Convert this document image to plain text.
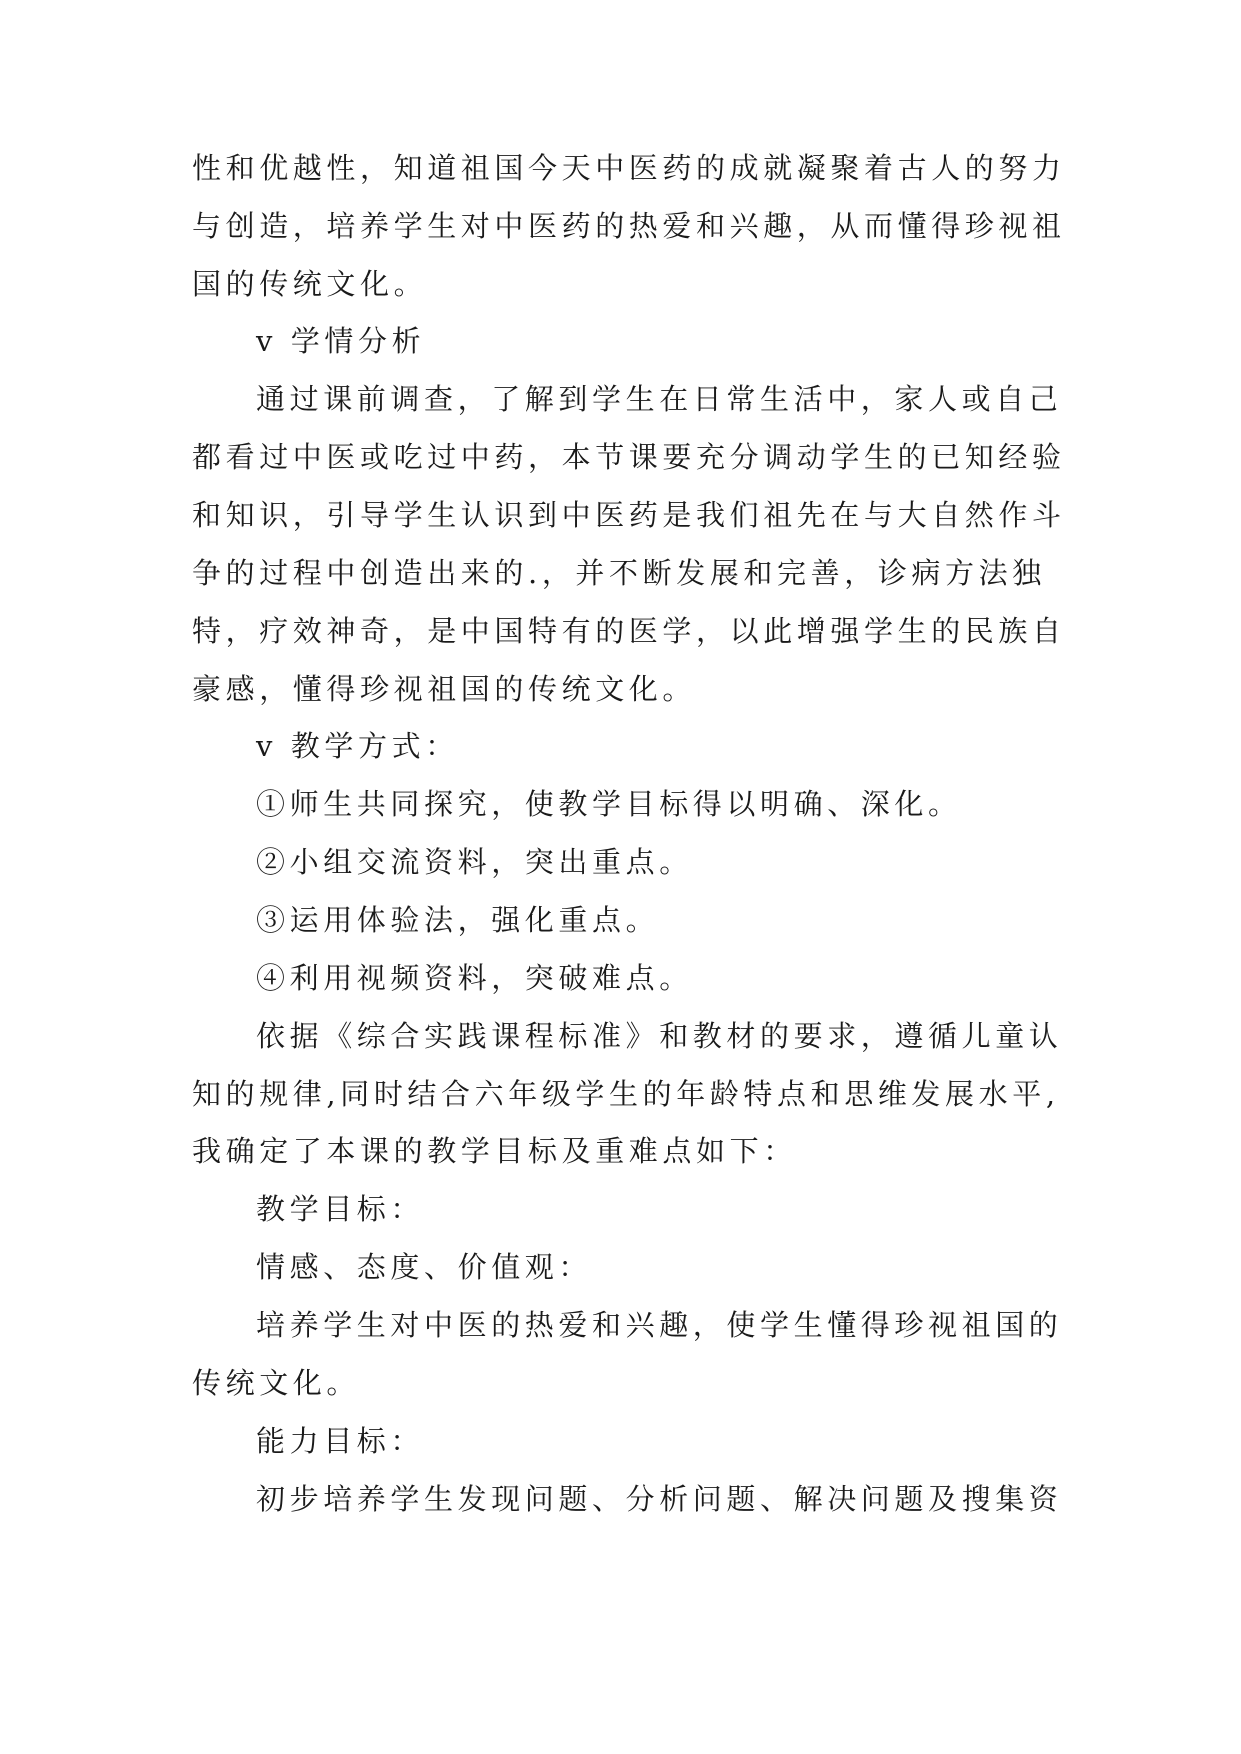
性和优越性，知道祖国今天中医药的成就凝聚着古人的努力
与创造，培养学生对中医药的热爱和兴趣，从而懂得珍视祖
国的传统文化。
v 学情分析
通过课前调查，了解到学生在日常生活中，家人或自己
都看过中医或吃过中药，本节课要充分调动学生的已知经验
和知识，引导学生认识到中医药是我们祖先在与大自然作斗
争的过程中创造出来的.，并不断发展和完善，诊病方法独
特，疗效神奇，是中国特有的医学，以此增强学生的民族自
豪感，懂得珍视祖国的传统文化。
v 教学方式：
①师生共同探究，使教学目标得以明确、深化。
②小组交流资料，突出重点。
③运用体验法，强化重点。
④利用视频资料，突破难点。
依据《综合实践课程标准》和教材的要求，遵循儿童认
知的规律,同时结合六年级学生的年龄特点和思维发展水平,
我确定了本课的教学目标及重难点如下：
教学目标：
情感、态度、价值观：
培养学生对中医的热爱和兴趣，使学生懂得珍视祖国的
传统文化。
能力目标：
初步培养学生发现问题、分析问题、解决问题及搜集资
